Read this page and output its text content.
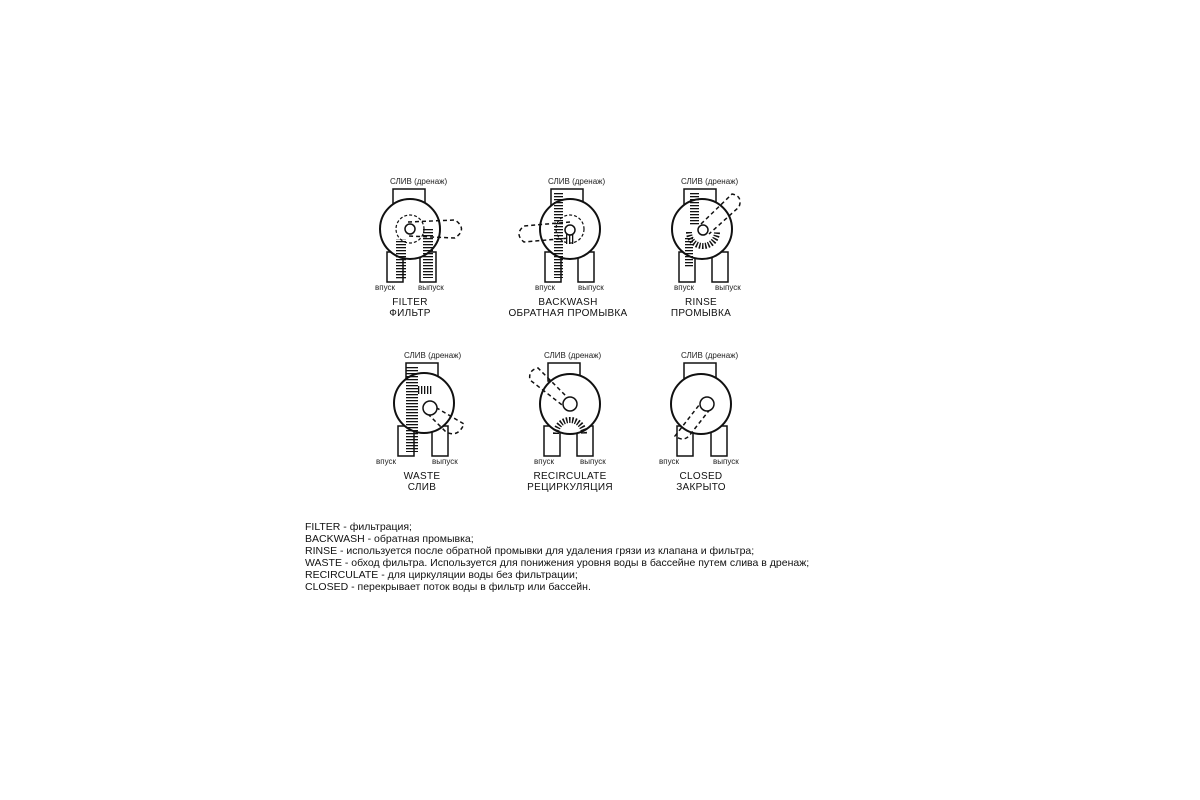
СЛИВ (дренаж)
впуск	выпуск
FILTER
ФИЛЬТР
СЛИВ (дренаж)
впуск	выпуск
BACKWASH
ОБРАТНАЯ ПРОМЫВКА
СЛИВ (дренаж)
впуск	выпуск
RINSE
ПРОМЫВКА
СЛИВ (дренаж)
впуск	выпуск
WASTE
СЛИВ
СЛИВ (дренаж)
впуск	выпуск
RECIRCULATE
РЕЦИРКУЛЯЦИЯ
СЛИВ (дренаж)
впуск	выпуск
CLOSED
ЗАКРЫТО
FILTER - фильтрация;
BACKWASH - обратная промывка;
RINSE - используется после обратной промывки для удаления грязи из клапана и фильтра;
WASTE - обход фильтра. Используется для понижения уровня воды в бассейне путем слива в дренаж;
RECIRCULATE - для циркуляции воды без фильтрации;
CLOSED - перекрывает поток воды в фильтр или бассейн.
